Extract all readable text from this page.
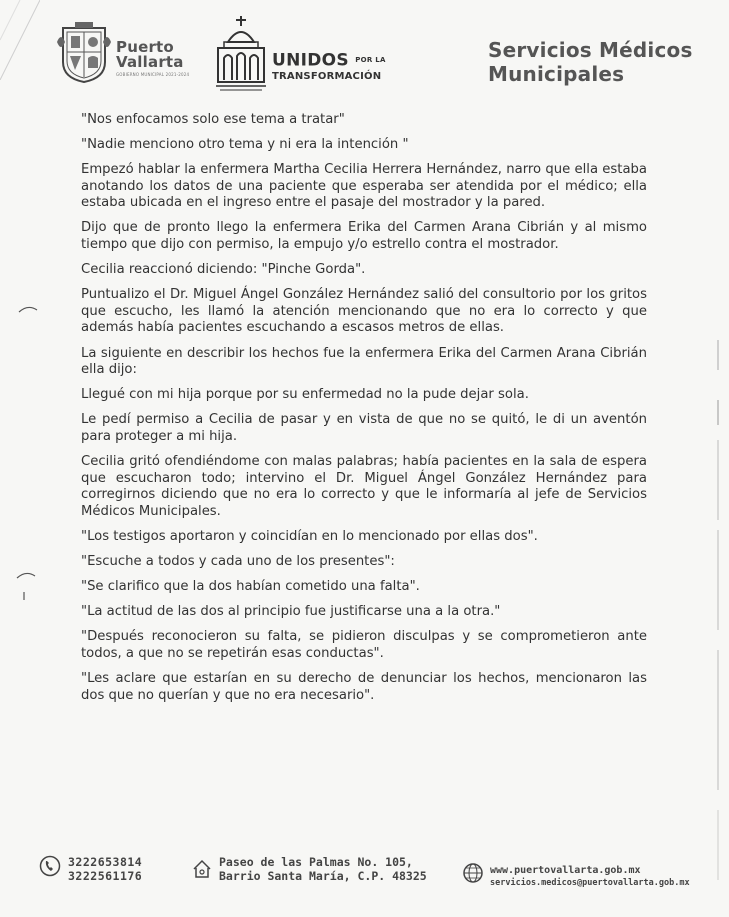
Puerto
Vallarta
GOBIERNO MUNICIPAL 2021-2024
UNIDOS POR LA
TRANSFORMACIÓN
Servicios Médicos
Municipales

"Nos enfocamos solo ese tema a tratar"

"Nadie menciono otro tema y ni era la intención "

Empezó hablar la enfermera Martha Cecilia Herrera Hernández, narro que ella estaba anotando los datos de una paciente que esperaba ser atendida por el médico; ella estaba ubicada en el ingreso entre el pasaje del mostrador y la pared.

Dijo que de pronto llego la enfermera Erika del Carmen Arana Cibrián y al mismo tiempo que dijo con permiso, la empujo y/o estrello contra el mostrador.

Cecilia reaccionó diciendo: "Pinche Gorda".

Puntualizo el Dr. Miguel Ángel González Hernández salió del consultorio por los gritos que escucho, les llamó la atención mencionando que no era lo correcto y que además había pacientes escuchando a escasos metros de ellas.

La siguiente en describir los hechos fue la enfermera Erika del Carmen Arana Cibrián ella dijo:

Llegué con mi hija porque por su enfermedad no la pude dejar sola.

Le pedí permiso a Cecilia de pasar y en vista de que no se quitó, le di un aventón para proteger a mi hija.

Cecilia gritó ofendiéndome con malas palabras; había pacientes en la sala de espera que escucharon todo; intervino el Dr. Miguel Ángel González Hernández para corregirnos diciendo que no era lo correcto y que le informaría al jefe de Servicios Médicos Municipales.

"Los testigos aportaron y coincidían en lo mencionado por ellas dos".

"Escuche a todos y cada uno de los presentes":

"Se clarifico que la dos habían cometido una falta".

"La actitud de las dos al principio fue justificarse una a la otra."

"Después reconocieron su falta, se pidieron disculpas y se comprometieron ante todos, a que no se repetirán esas conductas".

"Les aclare que estarían en su derecho de denunciar los hechos, mencionaron las dos que no querían y que no era necesario".

3222653814
3222561176
Paseo de las Palmas No. 105,
Barrio Santa María, C.P. 48325	www.puertovallarta.gob.mx
servicios.medicos@puertovallarta.gob.mx
